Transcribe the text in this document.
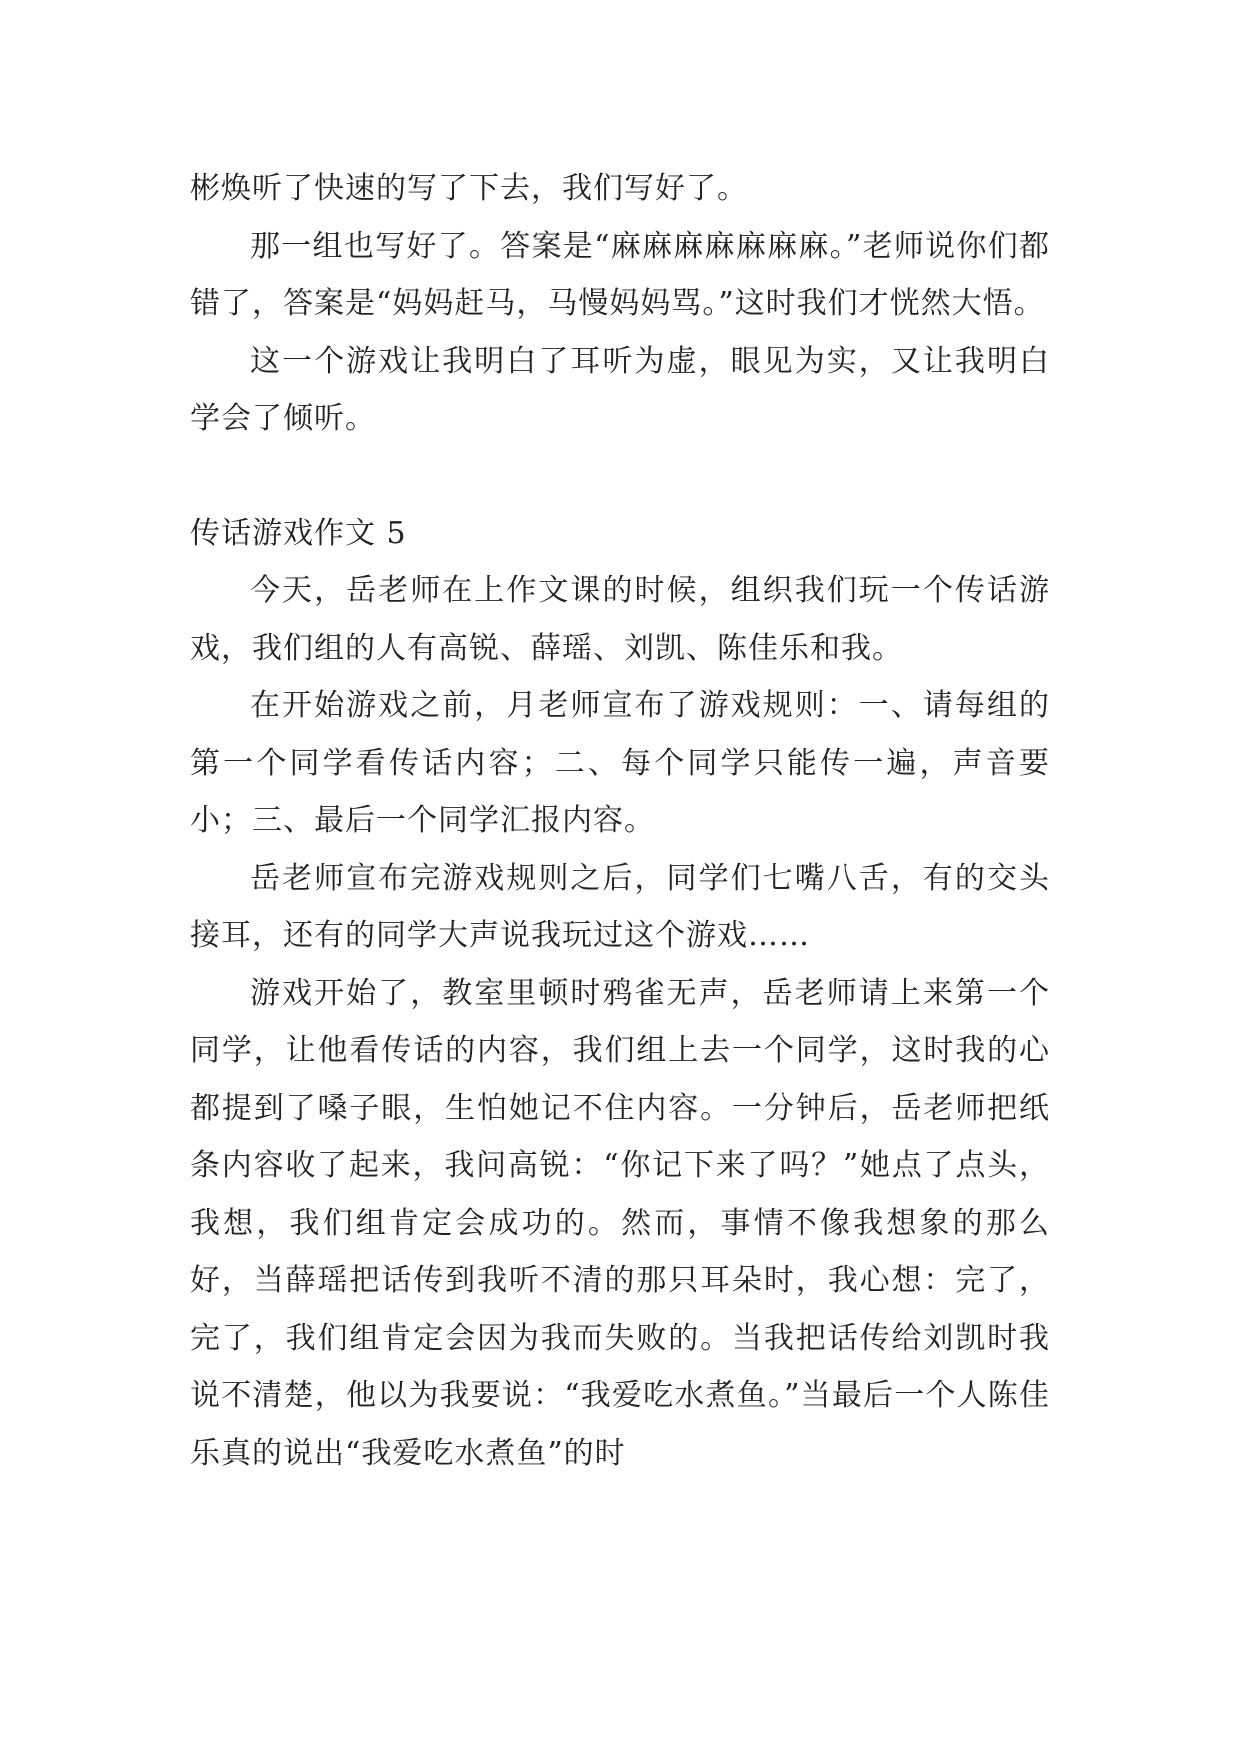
彬焕听了快速的写了下去，我们写好了。

那一组也写好了。答案是“麻麻麻麻麻麻麻。”老师说你们都错了，答案是“妈妈赶马，马慢妈妈骂。”这时我们才恍然大悟。

这一个游戏让我明白了耳听为虚，眼见为实，又让我明白学会了倾听。

传话游戏作文 5

今天，岳老师在上作文课的时候，组织我们玩一个传话游戏，我们组的人有高锐、薛瑶、刘凯、陈佳乐和我。

在开始游戏之前，月老师宣布了游戏规则：一、请每组的第一个同学看传话内容；二、每个同学只能传一遍，声音要小；三、最后一个同学汇报内容。

岳老师宣布完游戏规则之后，同学们七嘴八舌，有的交头接耳，还有的同学大声说我玩过这个游戏……

游戏开始了，教室里顿时鸦雀无声，岳老师请上来第一个同学，让他看传话的内容，我们组上去一个同学，这时我的心都提到了嗓子眼，生怕她记不住内容。一分钟后，岳老师把纸条内容收了起来，我问高锐：“你记下来了吗？”她点了点头，我想，我们组肯定会成功的。然而，事情不像我想象的那么好，当薛瑶把话传到我听不清的那只耳朵时，我心想：完了，完了，我们组肯定会因为我而失败的。当我把话传给刘凯时我说不清楚，他以为我要说：“我爱吃水煮鱼。”当最后一个人陈佳乐真的说出“我爱吃水煮鱼”的时
